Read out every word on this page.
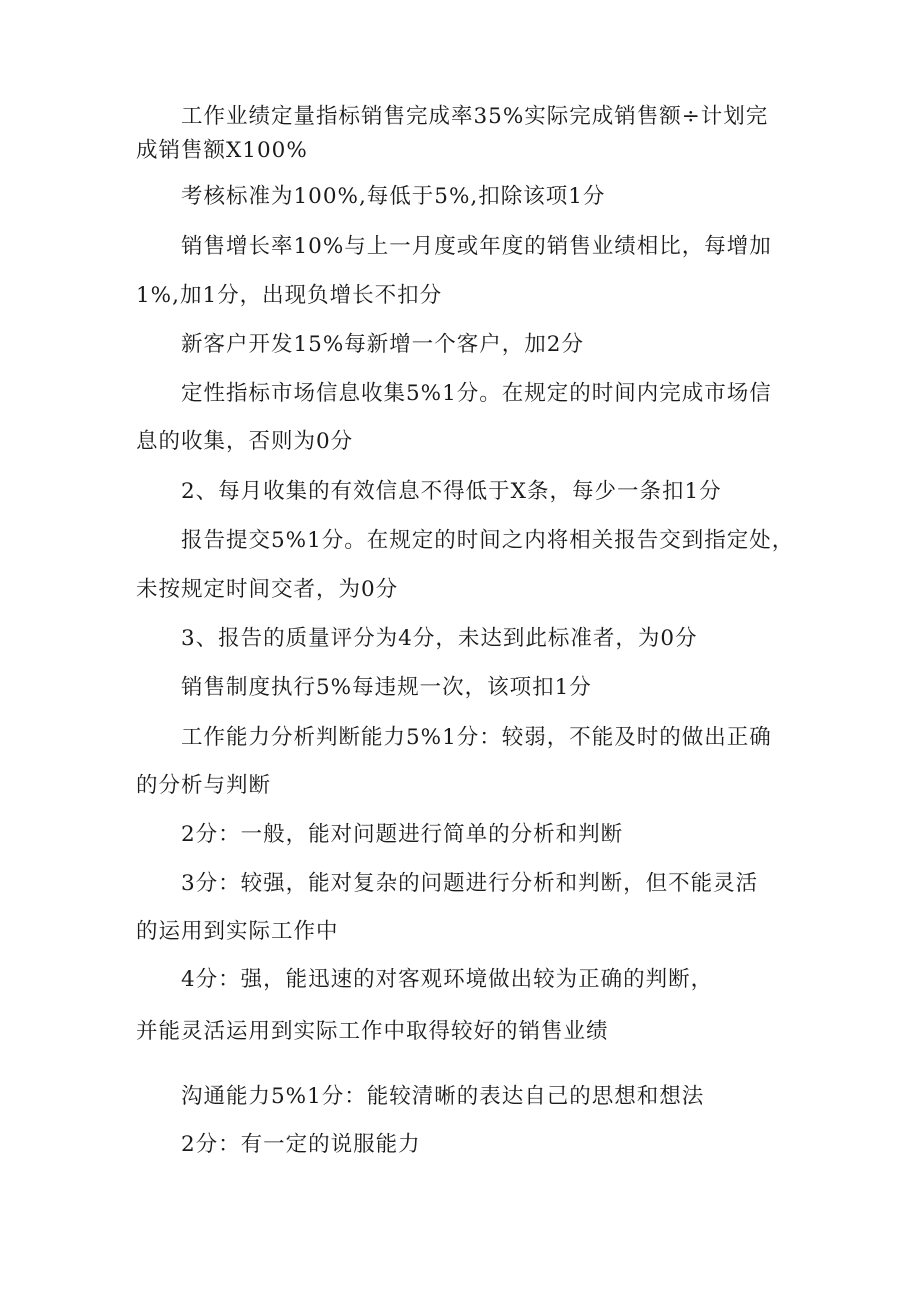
工作业绩定量指标销售完成率35%实际完成销售额÷计划完
成销售额X100%
考核标准为100%,每低于5%,扣除该项1分
销售增长率10%与上一月度或年度的销售业绩相比，每增加
1%,加1分，出现负增长不扣分
新客户开发15%每新增一个客户，加2分
定性指标市场信息收集5%1分。在规定的时间内完成市场信
息的收集，否则为0分
2、每月收集的有效信息不得低于X条，每少一条扣1分
报告提交5%1分。在规定的时间之内将相关报告交到指定处，
未按规定时间交者，为0分
3、报告的质量评分为4分，未达到此标准者，为0分
销售制度执行5%每违规一次，该项扣1分
工作能力分析判断能力5%1分：较弱，不能及时的做出正确
的分析与判断
2分：一般，能对问题进行简单的分析和判断
3分：较强，能对复杂的问题进行分析和判断，但不能灵活
的运用到实际工作中
4分：强，能迅速的对客观环境做出较为正确的判断，
并能灵活运用到实际工作中取得较好的销售业绩
沟通能力5%1分：能较清晰的表达自己的思想和想法
2分：有一定的说服能力
